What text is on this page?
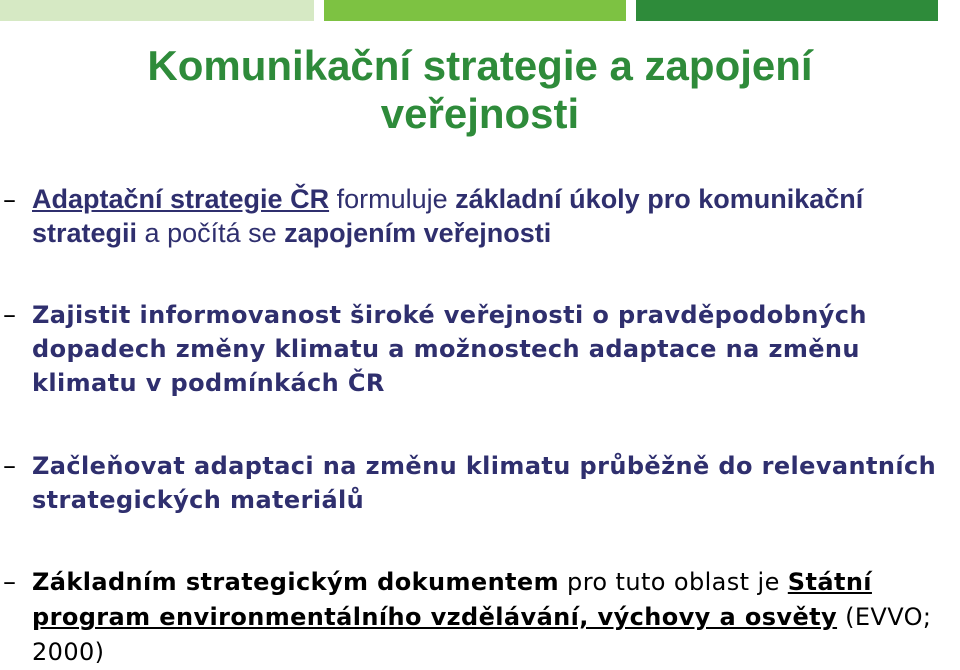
Komunikační strategie a zapojení
veřejnosti
– Adaptační strategie ČR formuluje základní úkoly pro komunikační strategii a počítá se zapojením veřejnosti
– Zajistit informovanost široké veřejnosti o pravděpodobných dopadech změny klimatu a možnostech adaptace na změnu klimatu v podmínkách ČR
– Začleňovat adaptaci na změnu klimatu průběžně do relevantních strategických materiálů
– Základním strategickým dokumentem pro tuto oblast je Státní program environmentálního vzdělávání, výchovy a osvěty (EVVO; 2000)
